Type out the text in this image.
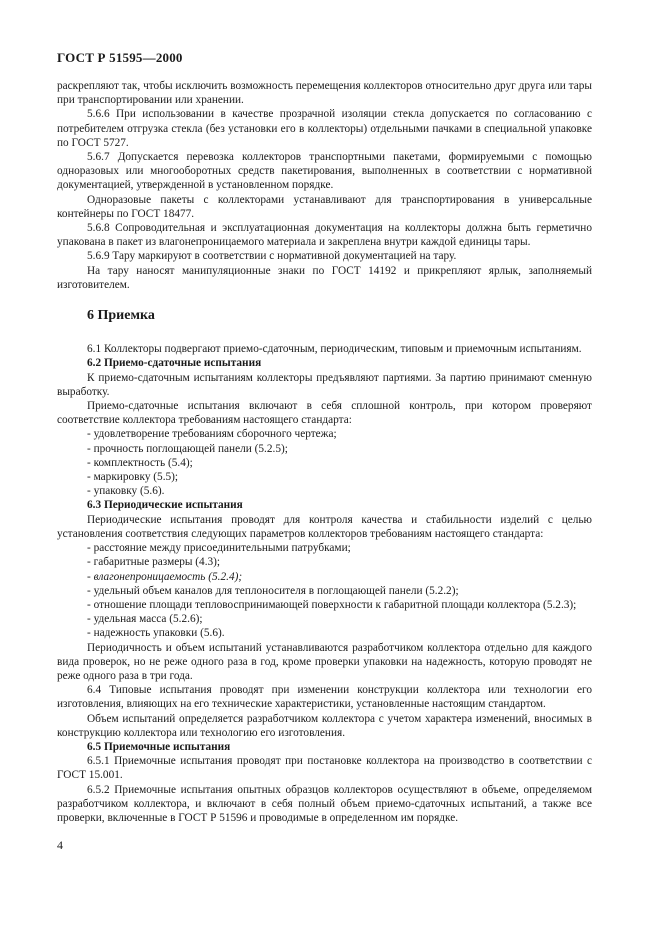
ГОСТ Р 51595—2000

раскрепляют так, чтобы исключить возможность перемещения коллекторов относительно друг друга или тары при транспортировании или хранении.

5.6.6 При использовании в качестве прозрачной изоляции стекла допускается по согласованию с потребителем отгрузка стекла (без установки его в коллекторы) отдельными пачками в специальной упаковке по ГОСТ 5727.

5.6.7 Допускается перевозка коллекторов транспортными пакетами, формируемыми с помощью одноразовых или многооборотных средств пакетирования, выполненных в соответствии с нормативной документацией, утвержденной в установленном порядке.

Одноразовые пакеты с коллекторами устанавливают для транспортирования в универсальные контейнеры по ГОСТ 18477.

5.6.8 Сопроводительная и эксплуатационная документация на коллекторы должна быть герметично упакована в пакет из влагонепроницаемого материала и закреплена внутри каждой единицы тары.

5.6.9 Тару маркируют в соответствии с нормативной документацией на тару.

На тару наносят манипуляционные знаки по ГОСТ 14192 и прикрепляют ярлык, заполняемый изготовителем.

6 Приемка

6.1 Коллекторы подвергают приемо-сдаточным, периодическим, типовым и приемочным испытаниям.

6.2 Приемо-сдаточные испытания

К приемо-сдаточным испытаниям коллекторы предъявляют партиями. За партию принимают сменную выработку.

Приемо-сдаточные испытания включают в себя сплошной контроль, при котором проверяют соответствие коллектора требованиям настоящего стандарта:

- удовлетворение требованиям сборочного чертежа;

- прочность поглощающей панели (5.2.5);

- комплектность (5.4);

- маркировку (5.5);

- упаковку (5.6).

6.3 Периодические испытания

Периодические испытания проводят для контроля качества и стабильности изделий с целью установления соответствия следующих параметров коллекторов требованиям настоящего стандарта:

- расстояние между присоединительными патрубками;

- габаритные размеры (4.3);

- влагонепроницаемость (5.2.4);

- удельный объем каналов для теплоносителя в поглощающей панели (5.2.2);

- отношение площади тепловоспринимающей поверхности к габаритной площади коллектора (5.2.3);

- удельная масса (5.2.6);

- надежность упаковки (5.6).

Периодичность и объем испытаний устанавливаются разработчиком коллектора отдельно для каждого вида проверок, но не реже одного раза в год, кроме проверки упаковки на надежность, которую проводят не реже одного раза в три года.

6.4 Типовые испытания проводят при изменении конструкции коллектора или технологии его изготовления, влияющих на его технические характеристики, установленные настоящим стандартом.

Объем испытаний определяется разработчиком коллектора с учетом характера изменений, вносимых в конструкцию коллектора или технологию его изготовления.

6.5 Приемочные испытания

6.5.1 Приемочные испытания проводят при постановке коллектора на производство в соответствии с ГОСТ 15.001.

6.5.2 Приемочные испытания опытных образцов коллекторов осуществляют в объеме, определяемом разработчиком коллектора, и включают в себя полный объем приемо-сдаточных испытаний, а также все проверки, включенные в ГОСТ Р 51596 и проводимые в определенном им порядке.

4
